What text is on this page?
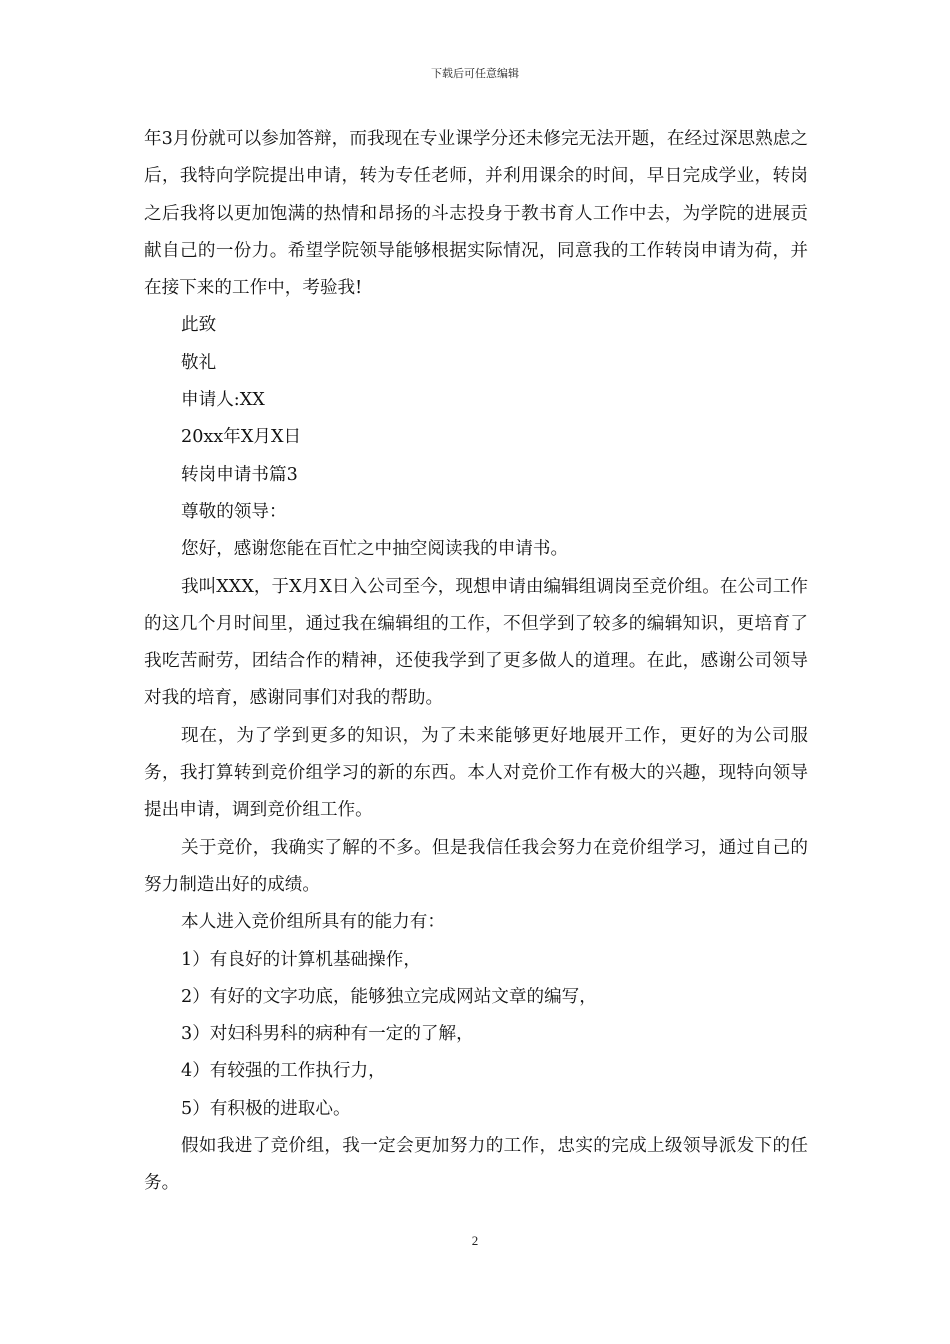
下载后可任意编辑

年3月份就可以参加答辩，而我现在专业课学分还未修完无法开题，在经过深思熟虑之后，我特向学院提出申请，转为专任老师，并利用课余的时间，早日完成学业，转岗之后我将以更加饱满的热情和昂扬的斗志投身于教书育人工作中去，为学院的进展贡献自己的一份力。希望学院领导能够根据实际情况，同意我的工作转岗申请为荷，并在接下来的工作中，考验我!

此致

敬礼

申请人:XX

20xx年X月X日

转岗申请书篇3

尊敬的领导：

您好，感谢您能在百忙之中抽空阅读我的申请书。

我叫XXX，于X月X日入公司至今，现想申请由编辑组调岗至竞价组。在公司工作的这几个月时间里，通过我在编辑组的工作，不但学到了较多的编辑知识，更培育了我吃苦耐劳，团结合作的精神，还使我学到了更多做人的道理。在此，感谢公司领导对我的培育，感谢同事们对我的帮助。

现在，为了学到更多的知识，为了未来能够更好地展开工作，更好的为公司服务，我打算转到竞价组学习的新的东西。本人对竞价工作有极大的兴趣，现特向领导提出申请，调到竞价组工作。

关于竞价，我确实了解的不多。但是我信任我会努力在竞价组学习，通过自己的努力制造出好的成绩。

本人进入竞价组所具有的能力有：

1）有良好的计算机基础操作，

2）有好的文字功底，能够独立完成网站文章的编写，

3）对妇科男科的病种有一定的了解，

4）有较强的工作执行力，

5）有积极的进取心。

假如我进了竞价组，我一定会更加努力的工作，忠实的完成上级领导派发下的任务。

2
